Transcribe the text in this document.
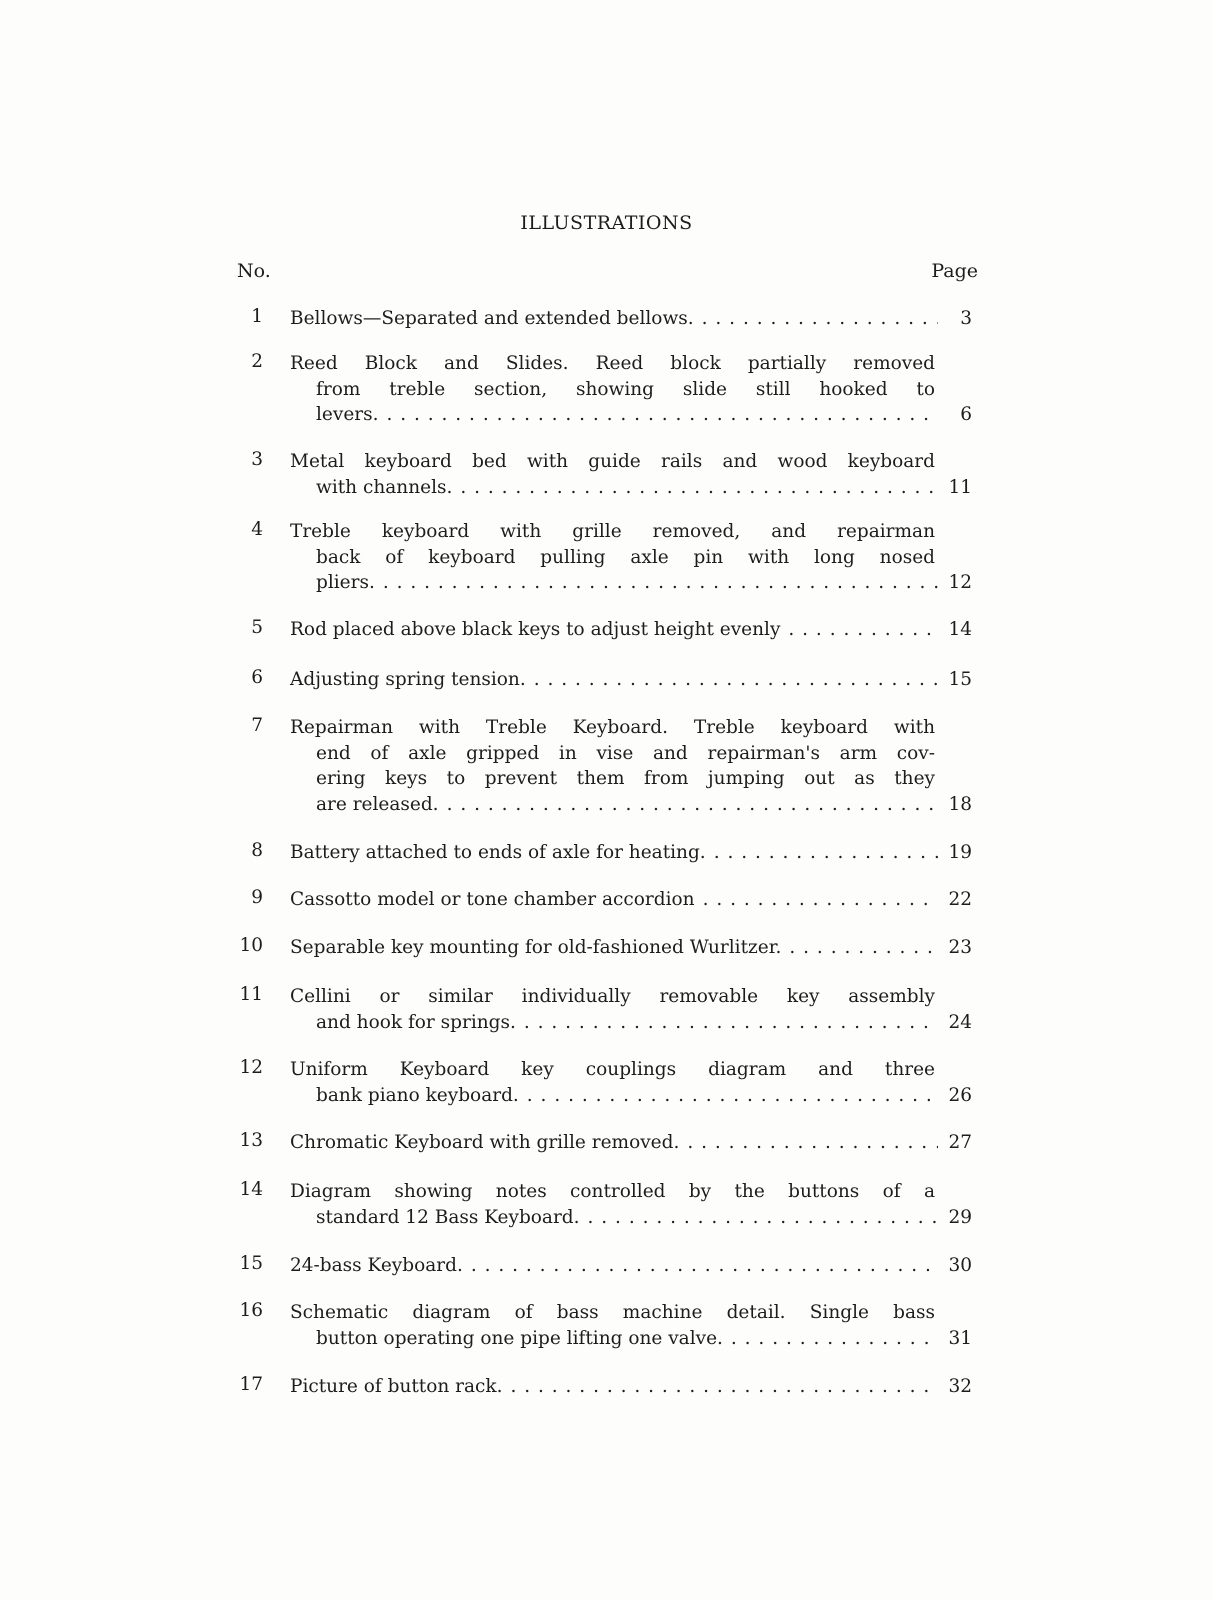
ILLUSTRATIONS
No.	Page
1 Bellows—Separated and extended bellows. . . .	3
2 Reed Block and Slides. Reed block partially removed
from treble section, showing slide still hooked to
levers. . . .	6
3 Metal keyboard bed with guide rails and wood keyboard
with channels. . . .	11
4 Treble keyboard with grille removed, and repairman
back of keyboard pulling axle pin with long nosed
pliers. . . .	12
5 Rod placed above black keys to adjust height evenly . . .	14
6 Adjusting spring tension. . . .	15
7 Repairman with Treble Keyboard. Treble keyboard with
end of axle gripped in vise and repairman's arm cov-
ering keys to prevent them from jumping out as they
are released. . . .	18
8 Battery attached to ends of axle for heating. . . .	19
9 Cassotto model or tone chamber accordion . . .	22
10 Separable key mounting for old-fashioned Wurlitzer. . . .	23
11 Cellini or similar individually removable key assembly
and hook for springs. . . .	24
12 Uniform Keyboard key couplings diagram and three
bank piano keyboard. . . .	26
13 Chromatic Keyboard with grille removed. . . .	27
14 Diagram showing notes controlled by the buttons of a
standard 12 Bass Keyboard. . . .	29
15 24-bass Keyboard. . . .	30
16 Schematic diagram of bass machine detail. Single bass
button operating one pipe lifting one valve. . . .	31
17 Picture of button rack. . . .	32
